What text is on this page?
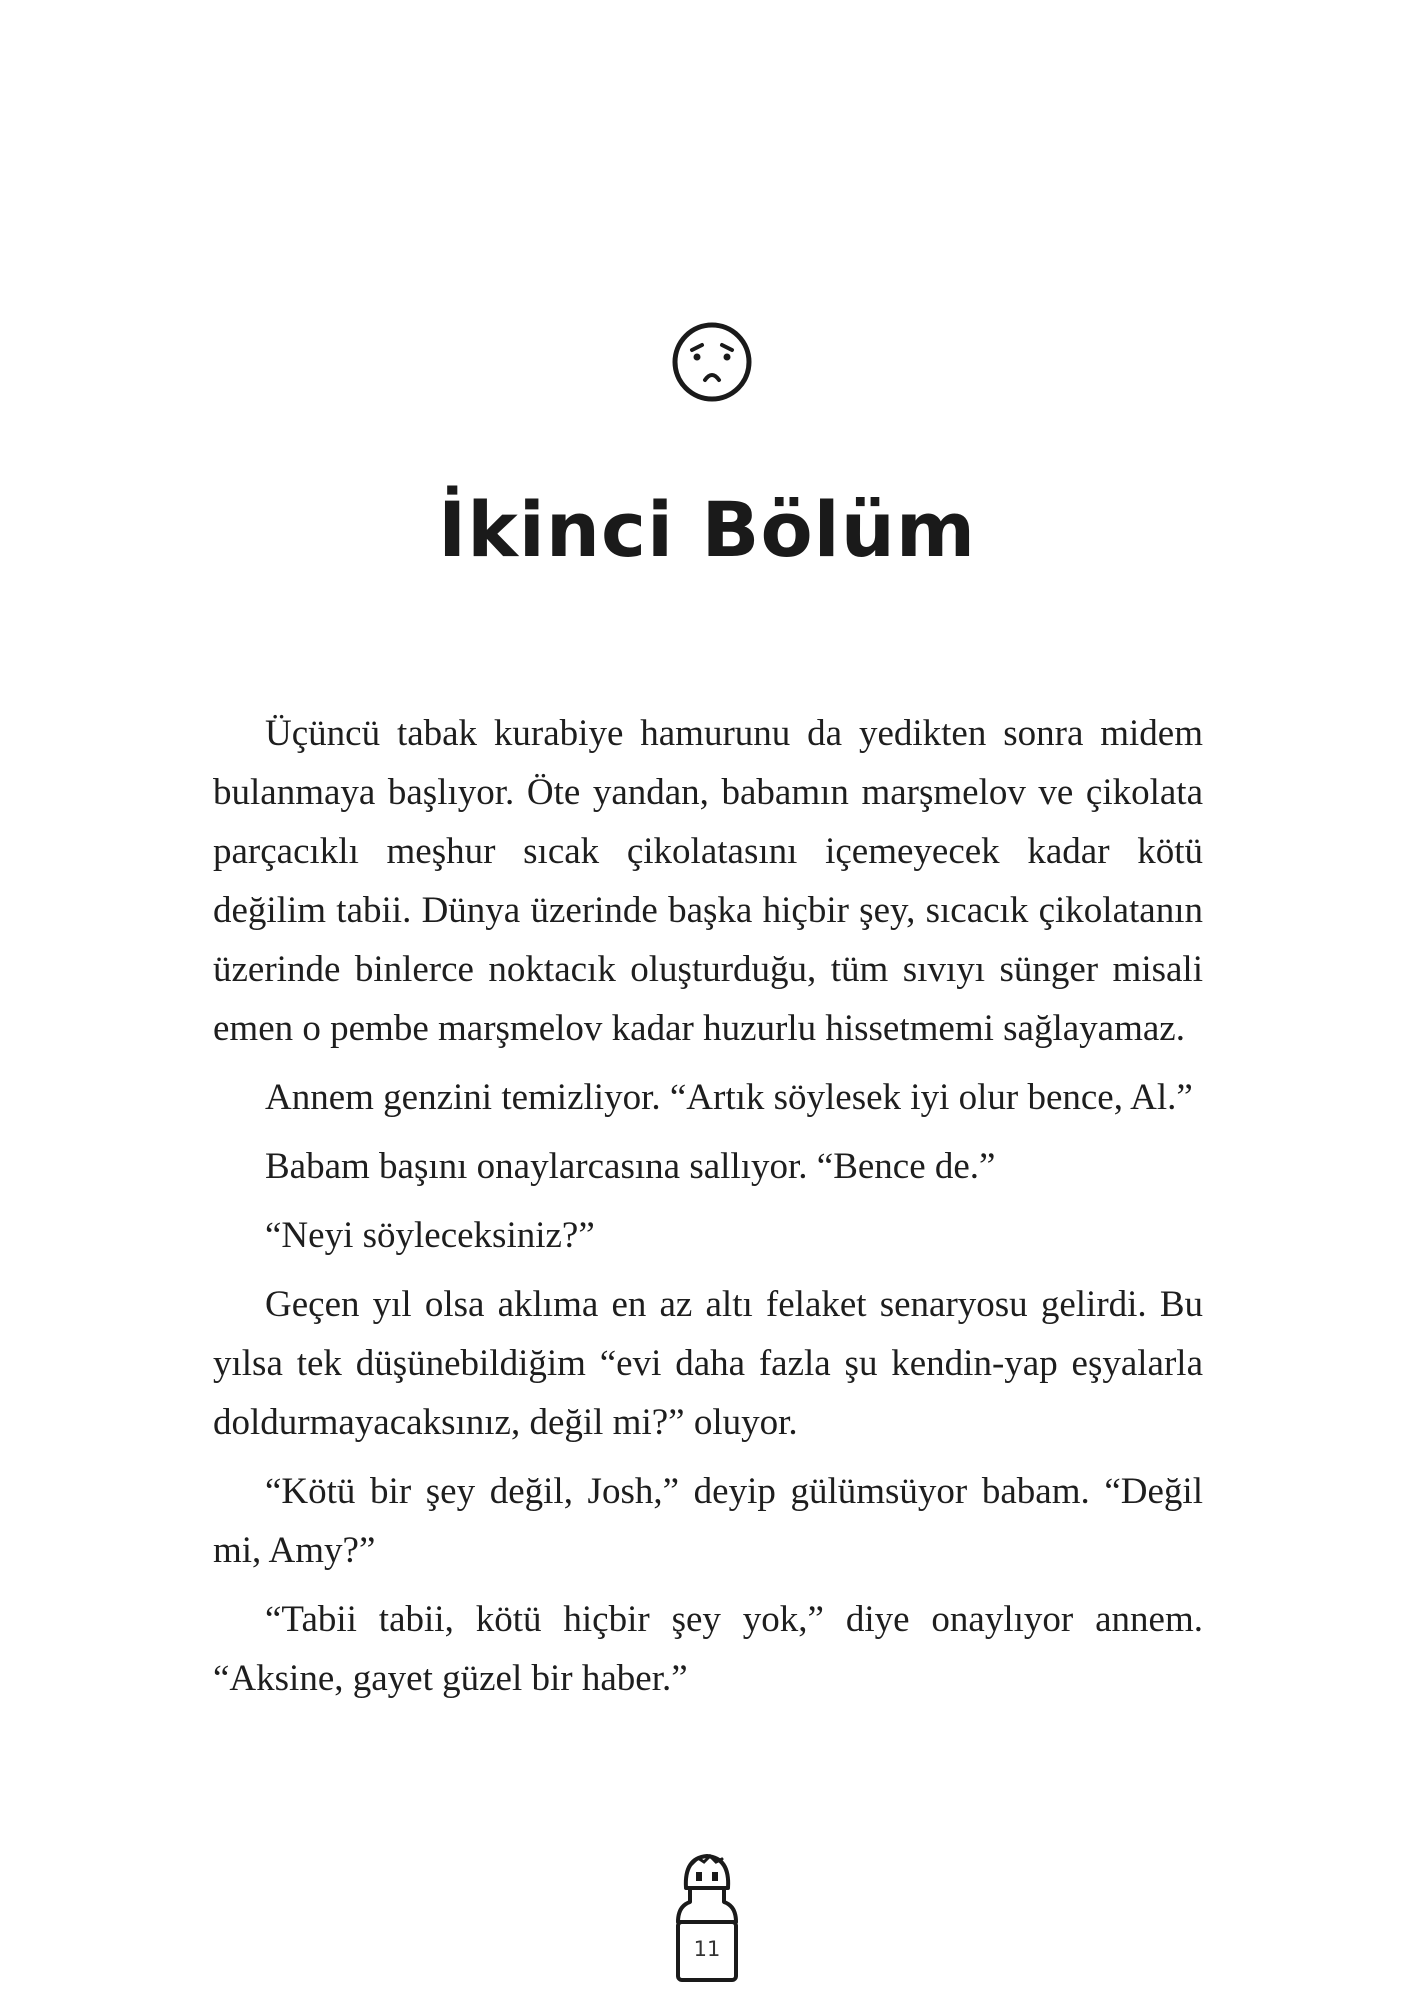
İkinci Bölüm

Üçüncü tabak kurabiye hamurunu da yedikten sonra midem bulanmaya başlıyor. Öte yandan, babamın marşmelov ve çikolata parçacıklı meşhur sıcak çikolatasını içemeyecek kadar kötü değilim tabii. Dünya üzerinde başka hiçbir şey, sıcacık çikolatanın üzerinde binlerce noktacık oluşturduğu, tüm sıvıyı sünger misali emen o pembe marşmelov kadar huzurlu hissetmemi sağlayamaz.

Annem genzini temizliyor. “Artık söylesek iyi olur bence, Al.”

Babam başını onaylarcasına sallıyor. “Bence de.”

“Neyi söyleceksiniz?”

Geçen yıl olsa aklıma en az altı felaket senaryosu gelirdi. Bu yılsa tek düşünebildiğim “evi daha fazla şu kendin-yap eşyalarla doldurmayacaksınız, değil mi?” oluyor.

“Kötü bir şey değil, Josh,” deyip gülümsüyor babam. “Değil mi, Amy?”

“Tabii tabii, kötü hiçbir şey yok,” diye onaylıyor annem. “Aksine, gayet güzel bir haber.”

11
